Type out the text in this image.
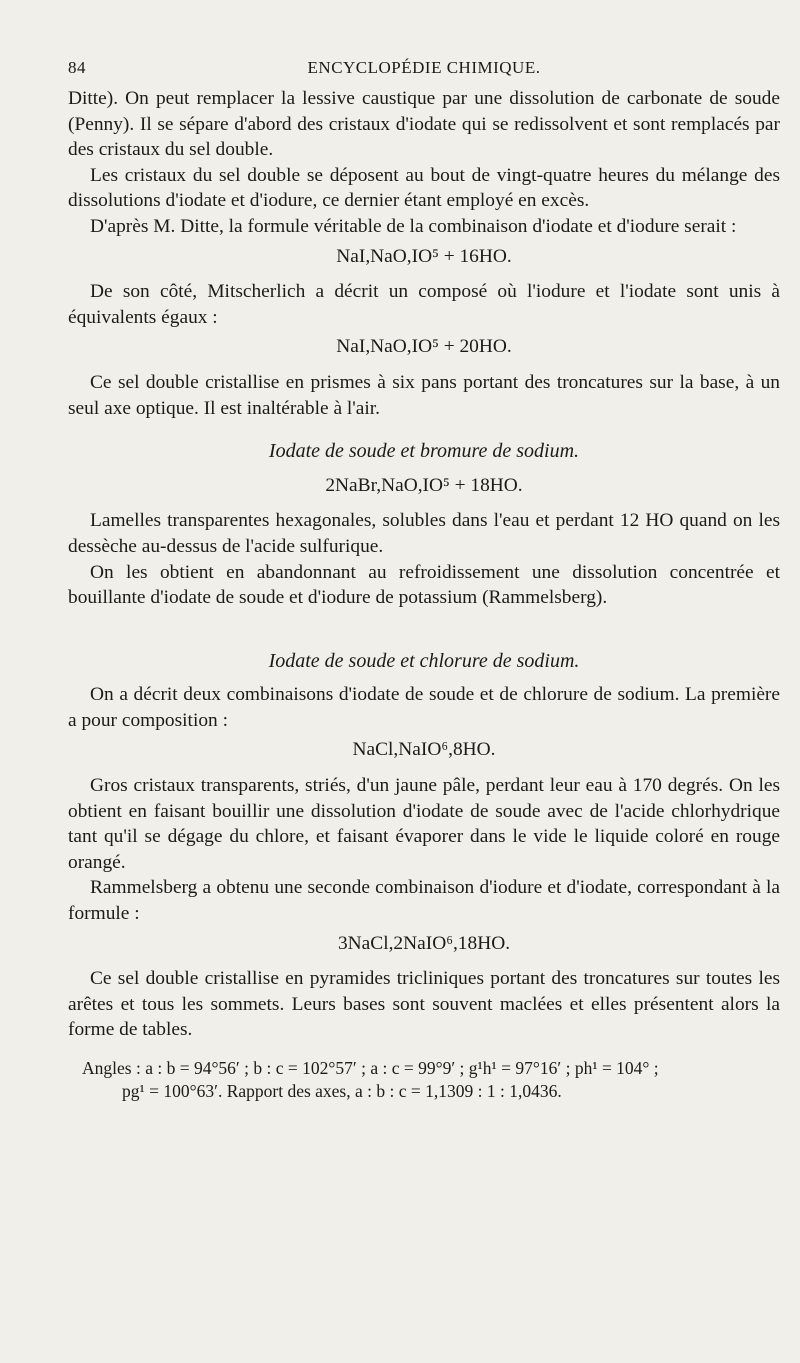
84	ENCYCLOPÉDIE CHIMIQUE.

Ditte). On peut remplacer la lessive caustique par une dissolution de carbonate de soude (Penny). Il se sépare d'abord des cristaux d'iodate qui se redissolvent et sont remplacés par des cristaux du sel double.

Les cristaux du sel double se déposent au bout de vingt-quatre heures du mélange des dissolutions d'iodate et d'iodure, ce dernier étant employé en excès.

D'après M. Ditte, la formule véritable de la combinaison d'iodate et d'iodure serait :

NaI,NaO,IO⁵ + 16HO.

De son côté, Mitscherlich a décrit un composé où l'iodure et l'iodate sont unis à équivalents égaux :

NaI,NaO,IO⁵ + 20HO.

Ce sel double cristallise en prismes à six pans portant des troncatures sur la base, à un seul axe optique. Il est inaltérable à l'air.

Iodate de soude et bromure de sodium.
2NaBr,NaO,IO⁵ + 18HO.

Lamelles transparentes hexagonales, solubles dans l'eau et perdant 12 HO quand on les dessèche au-dessus de l'acide sulfurique.

On les obtient en abandonnant au refroidissement une dissolution concentrée et bouillante d'iodate de soude et d'iodure de potassium (Rammelsberg).

Iodate de soude et chlorure de sodium.

On a décrit deux combinaisons d'iodate de soude et de chlorure de sodium. La première a pour composition :

NaCl,NaIO⁶,8HO.

Gros cristaux transparents, striés, d'un jaune pâle, perdant leur eau à 170 degrés. On les obtient en faisant bouillir une dissolution d'iodate de soude avec de l'acide chlorhydrique tant qu'il se dégage du chlore, et faisant évaporer dans le vide le liquide coloré en rouge orangé.

Rammelsberg a obtenu une seconde combinaison d'iodure et d'iodate, correspondant à la formule :

3NaCl,2NaIO⁶,18HO.

Ce sel double cristallise en pyramides tricliniques portant des troncatures sur toutes les arêtes et tous les sommets. Leurs bases sont souvent maclées et elles présentent alors la forme de tables.

Angles : a : b = 94°56′ ; b : c = 102°57′ ; a : c = 99°9′ ; g¹h¹ = 97°16′ ; ph¹ = 104° ;
pg¹ = 100°63′. Rapport des axes, a : b : c = 1,1309 : 1 : 1,0436.
